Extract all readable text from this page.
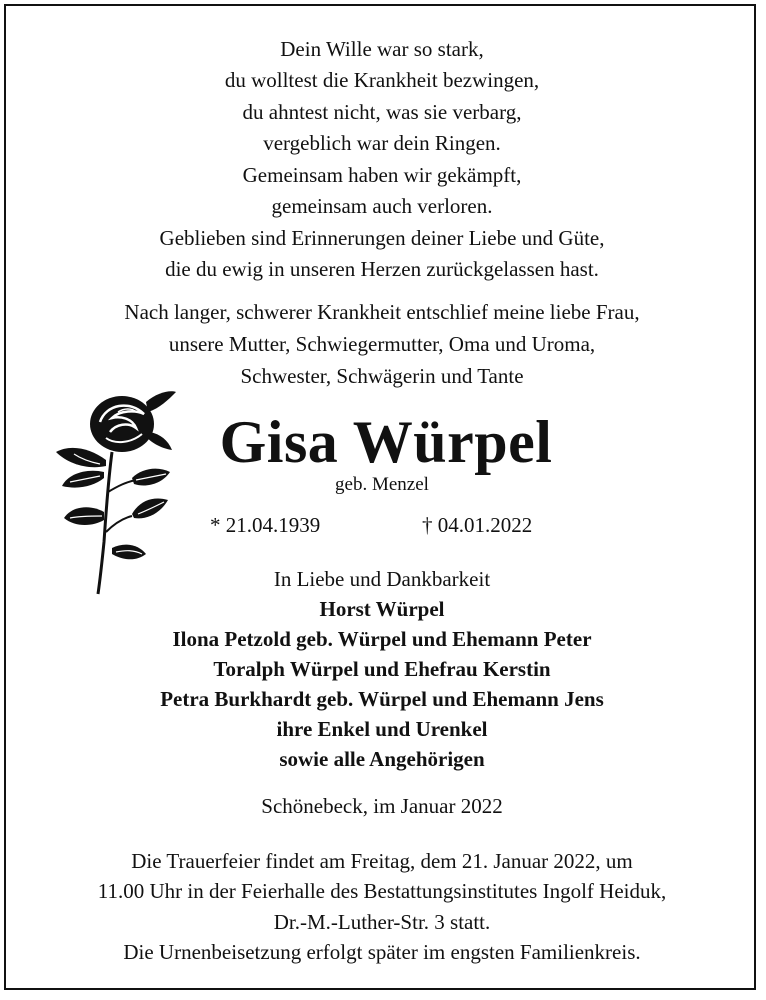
Dein Wille war so stark,
du wolltest die Krankheit bezwingen,
du ahntest nicht, was sie verbarg,
vergeblich war dein Ringen.
Gemeinsam haben wir gekämpft,
gemeinsam auch verloren.
Geblieben sind Erinnerungen deiner Liebe und Güte,
die du ewig in unseren Herzen zurückgelassen hast.
Nach langer, schwerer Krankheit entschlief meine liebe Frau,
unsere Mutter, Schwiegermutter, Oma und Uroma,
Schwester, Schwägerin und Tante
Gisa Würpel
geb. Menzel
* 21.04.1939	† 04.01.2022
In Liebe und Dankbarkeit
Horst Würpel
Ilona Petzold geb. Würpel und Ehemann Peter
Toralph Würpel und Ehefrau Kerstin
Petra Burkhardt geb. Würpel und Ehemann Jens
ihre Enkel und Urenkel
sowie alle Angehörigen
Schönebeck, im Januar 2022
Die Trauerfeier findet am Freitag, dem 21. Januar 2022, um
11.00 Uhr in der Feierhalle des Bestattungsinstitutes Ingolf Heiduk,
Dr.-M.-Luther-Str. 3 statt.
Die Urnenbeisetzung erfolgt später im engsten Familienkreis.
